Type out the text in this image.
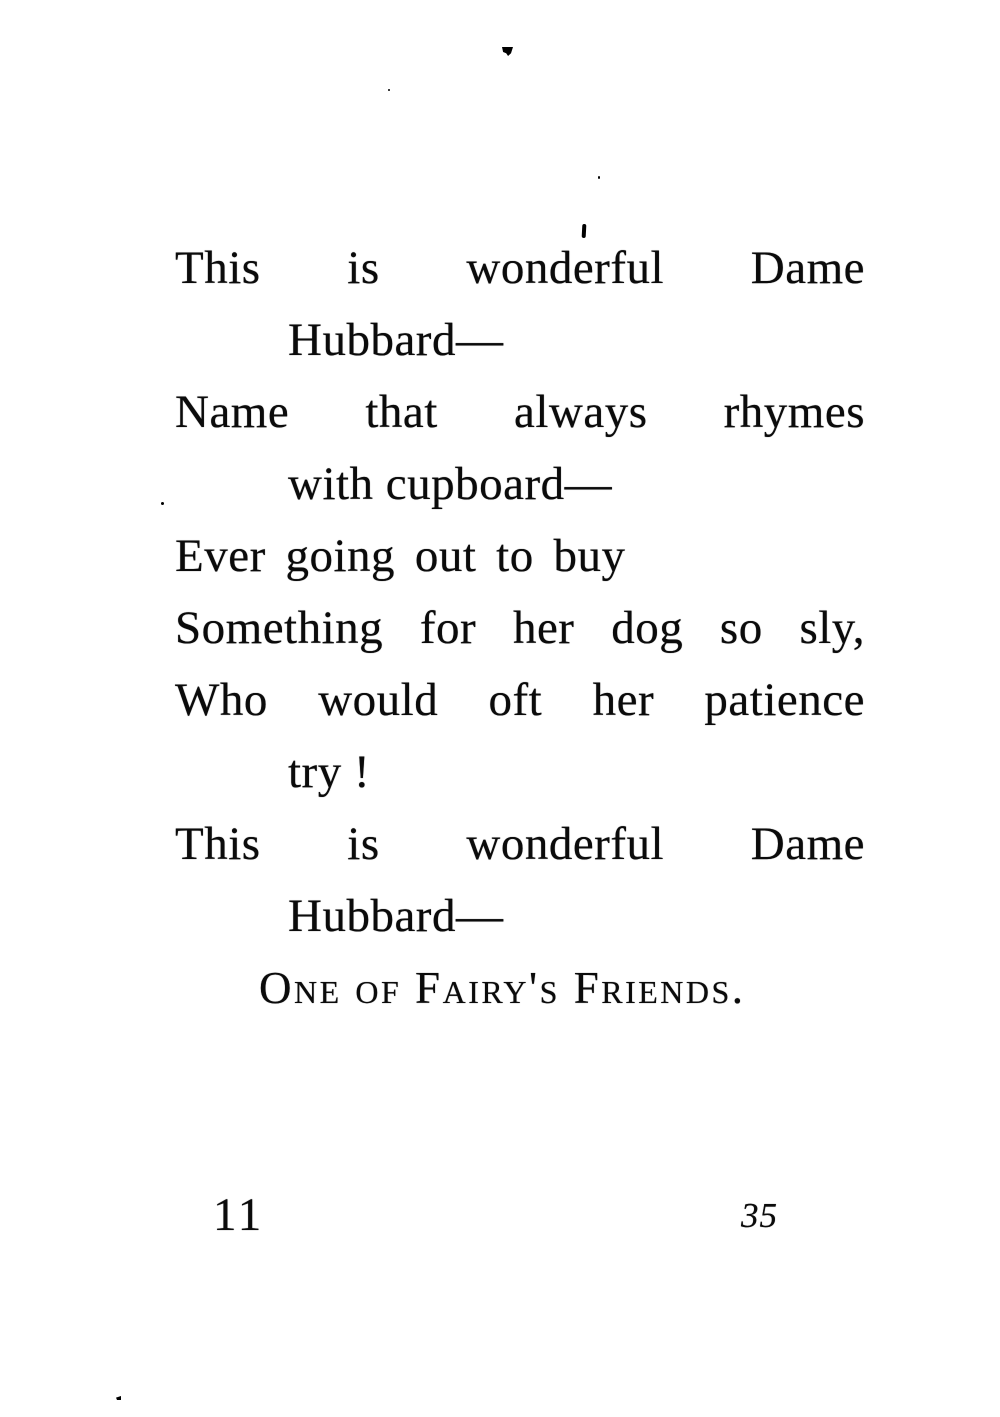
This is wonderful Dame
Hubbard—
Name that always rhymes
with cupboard—
Ever going out to buy
Something for her dog so sly,
Who would oft her patience
try !
This is wonderful Dame
Hubbard—
One of Fairy's Friends.
11	35
